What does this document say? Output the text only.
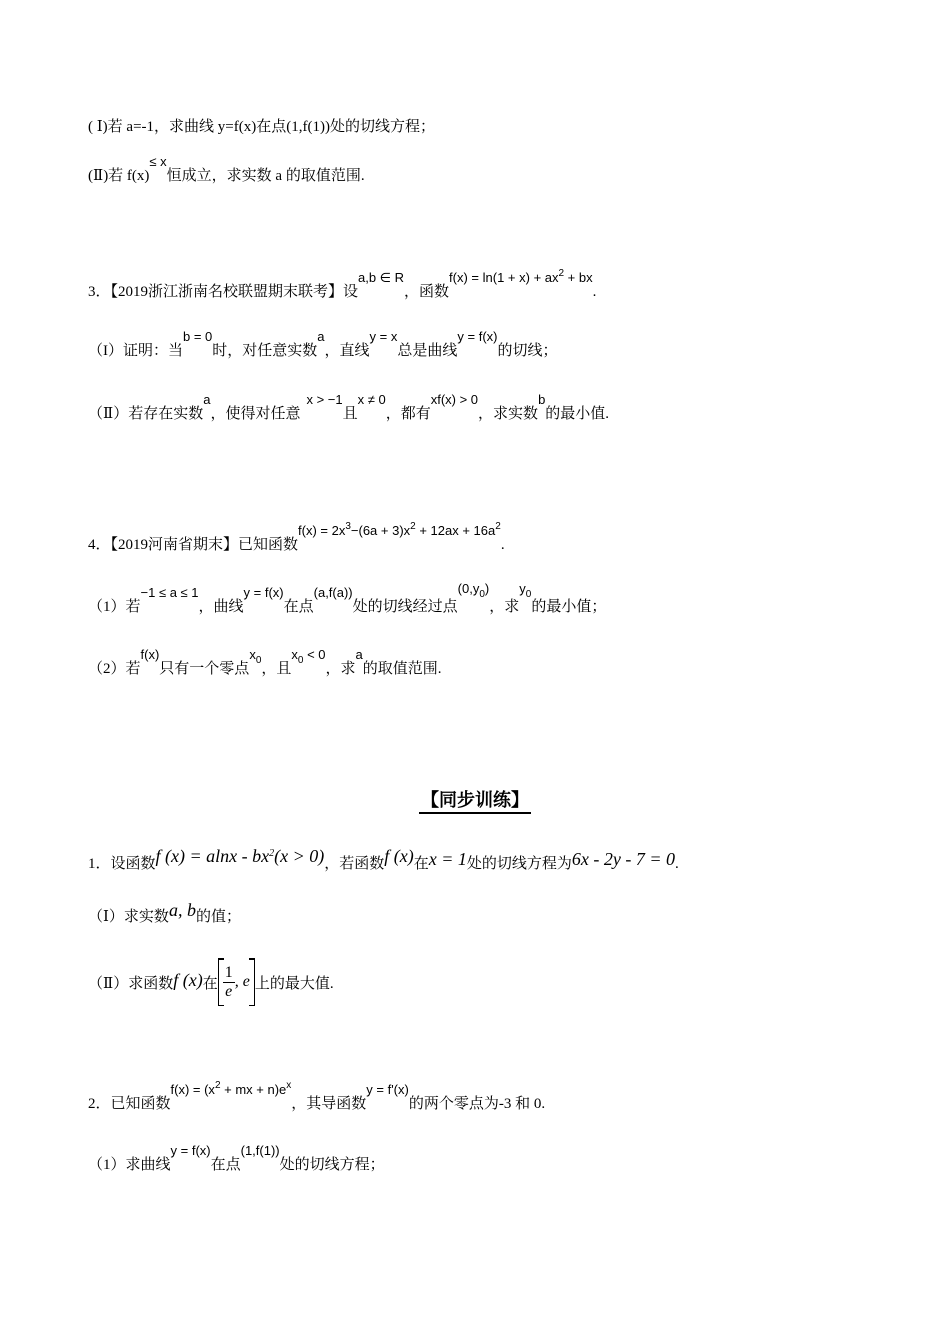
( Ⅰ)若 a=-1，求曲线 y=f(x)在点(1,f(1))处的切线方程；
(Ⅱ)若 f(x)≤ x恒成立，求实数 a 的取值范围.
3．【2019浙江浙南名校联盟期末联考】设a,b ∈ R，函数$f(x) = \ln(1 + x) + ax^2$ + bx.
（I）证明：当b = 0时，对任意实数a，直线y = x总是曲线y = f(x)的切线；
（Ⅱ）若存在实数a，使得对任意x > −1且x ≠ 0，都有xf(x) > 0，求实数b的最小值.
4．【2019河南省期末】已知函数$f(x) = 2x^3-(6a + 3)x^2 + 12ax + 16a^2$.
（1）若−1 ≤ a ≤ 1，曲线y = f(x)在点(a,f(a))处的切线经过点$(0,y_0)$，求$y_0$的最小值；
（2）若f(x)只有一个零点$x_0$，且$x_0 < 0$，求a的取值范围.
【同步训练】
1．设函数f $(x) = alnx - bx^2(x > 0)$，若函数f (x)在x = 1处的切线方程为6x - 2y - 7 = 0.
（Ⅰ）求实数a, b的值；
（Ⅱ）求函数f (x)在 $\frac{1}{e}$ , e 上的最大值.
2．已知函数$f(x) = (x^2$ + mx + $n)e^x$，其导函数y = f'(x)的两个零点为-3 和 0.
（1）求曲线y = f(x)在点(1,f(1))处的切线方程；
